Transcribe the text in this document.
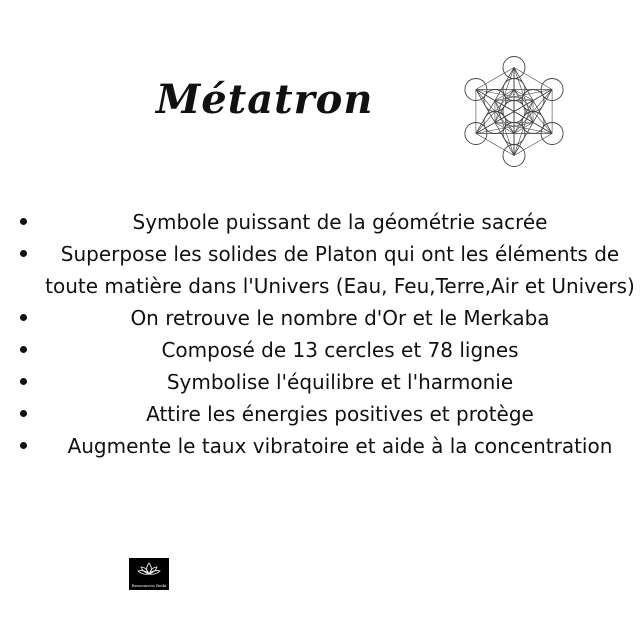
Métatron
Symbole puissant de la géométrie sacrée
Superpose les solides de Platon qui ont les éléments de toute matière dans l'Univers (Eau, Feu,Terre,Air et Univers)
On retrouve le nombre d'Or et le Merkaba
Composé de 13 cercles et 78 lignes
Symbolise l'équilibre et l'harmonie
Attire les énergies positives et protège
Augmente le taux vibratoire et aide à la concentration
Ressources Reiki
